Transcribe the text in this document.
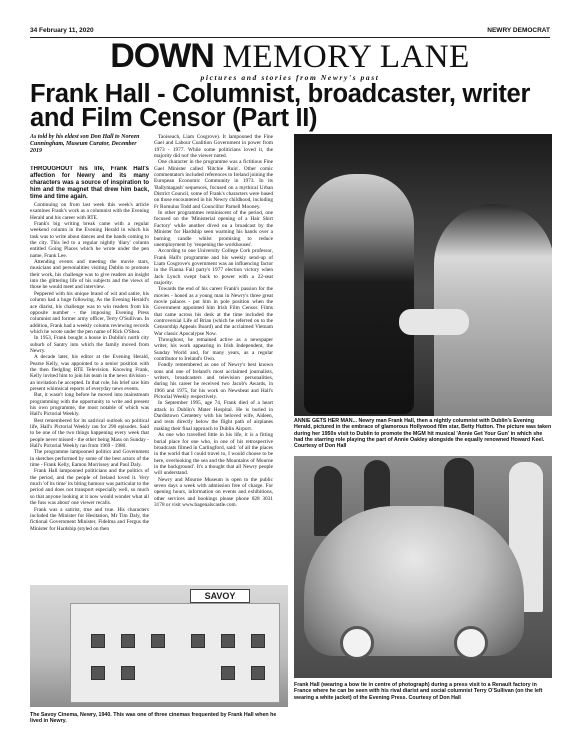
34 February 11, 2020	NEWRY DEMOCRAT
DOWN MEMORY LANE
pictures and stories from Newry's past
Frank Hall - Columnist, broadcaster, writer and Film Censor (Part II)
As told by his eldest son Don Hall to Noreen Cunningham, Museum Curator, December 2019

THROUGHOUT his life, Frank Hall's affection for Newry and its many characters was a source of inspiration to him and the magnet that drew him back, time and time again.

Continuing on from last week this week's article examines Frank's work as a columnist with the Evening Herald and his career with RTE.

Frank's big writing break came with a regular weekend column in the Evening Herald in which his task was to write about dances and the bands coming to the city. This led to a regular nightly 'diary' column entitled Going Places which he wrote under the pen name, Frank Lee.

Attending events and meeting the movie stars, musicians and personalities visiting Dublin to promote their work, his challenge was to give readers an insight into the glittering life of his subjects and the views of those he would meet and interview.

Peppered with his unique brand of wit and satire, his column had a huge following. As the Evening Herald's ace diarist, his challenge was to win readers from his opposite number - the imposing Evening Press columnist and former army officer, Terry O'Sullivan. In addition, Frank had a weekly column reviewing records which he wrote under the pen name of Rick O'Shea.

In 1953, Frank bought a house in Dublin's north city suburb of Santry into which the family moved from Newry.

A decade later, his editor at the Evening Herald, Pearse Kelly, was appointed to a senior position with the then fledgling RTE Television. Knowing Frank, Kelly invited him to join his team in the news division - an invitation he accepted. In that role, his brief saw him present whimsical reports of everyday news events.

But, it wasn't long before he moved into mainstream programming with the opportunity to write and present his own programme, the most notable of which was Hall's Pictorial Weekly.

Best remembered for its satirical outlook on political life, Hall's Pictorial Weekly ran for 290 episodes. Said to be one of the two things happening every week that people never missed - the other being Mass on Sunday - Hall's Pictorial Weekly ran from 1969 - 1980.

The programme lampooned politics and Government in sketches performed by some of the best actors of the time - Frank Kelly, Eamon Morrissey and Paul Daly.

Frank Hall lampooned politicians and the politics of the period, and the people of Ireland loved it. Very much 'of its time' its biting humour was particular to the period and does not transport especially well, so much so that anyone looking at it now would wonder what all the fuss was about' one viewer recalls.

Frank was a satirist, true and true. His characters included the Minister for Hesitation, Mr Tim Daly, the fictional Government Minister, Fidelma and Fergus the Minister for Hardship (styled on then

Taoiseach, Liam Cosgrove). It lampooned the Fine Gael and Labour Coalition Government in power from 1973 - 1977. While some politicians loved it, the majority did not' the viewer noted.

One character in the programme was a fictitious Fine Gael Minister called 'Ritchie Ruin'. Other comic commentators included references to Ireland joining the European Economic Community in 1973. In its 'Ballymagash' sequences, focused on a mythical Urban District Council, some of Frank's characters were based on those encountered in his Newry childhood, including Fr Romulus Todd and Councillor Parnell Mooney.

In other programmes reminiscent of the period, one focused on the 'Ministerial opening of a Hair Shirt Factory' while another dived on a broadcast by the Minister for Hardship seen warming his hands over a burning candle whilst promising to reduce unemployment by 'reopening the workhouses'.

According to one University College Cork professor, Frank Hall's programme and his weekly send-up of Liam Cosgrove's government was an influencing factor in the Fianna Fail party's 1977 election victory when Jack Lynch swept back to power with a 22-seat majority.

Towards the end of his career Frank's passion for the movies - honed as a young man in Newry's three great movie palaces - put him in pole position when the Government appointed him Irish Film Censor. Films that came across his desk at the time included the controversial Life of Brian (which he referred on to the Censorship Appeals Board) and the acclaimed Vietnam War classic Apocalypse Now.

Throughout, he remained active as a newspaper writer, his work appearing in Irish Independent, the Sunday World and, for many years, as a regular contributor to Ireland's Own.

Fondly remembered as one of Newry's best known sons and one of Ireland's most acclaimed journalists, writers, broadcasters and television personalities, during his career he received two Jacob's Awards, in 1966 and 1975, for his work on Newsbeat and Hall's Pictorial Weekly respectively.

In September 1995, age 74, Frank died of a heart attack in Dublin's Mater Hospital. He is buried in Dardistown Cemetery with his beloved wife, Aideen, and rests directly below the flight path of airplanes making their final approach to Dublin Airport.

As one who travelled little in his life, it is a fitting burial place for one who, in one of his retrospective broadcasts filmed in Carlingford, said: 'of all the places in the world that I could travel to, I would choose to be here, overlooking the sea and the Mountains of Mourne in the background'. It's a thought that all Newry people will understand.

Newry and Mourne Museum is open to the public seven days a week with admission free of charge. For opening hours, information on events and exhibitions, other services and bookings please phone 028 3031 3178 or visit www.bagenalscastle.com.

ANNIE GETS HER MAN... Newry man Frank Hall, then a nightly columnist with Dublin's Evening Herald, pictured in the embrace of glamorous Hollywood film star, Betty Hutton. The picture was taken during her 1950s visit to Dublin to promote the MGM hit musical 'Annie Get Your Gun' in which she had the starring role playing the part of Annie Oakley alongside the equally renowned Howard Keel. Courtesy of Don Hall
Frank Hall (wearing a bow tie in centre of photograph) during a press visit to a Renault factory in France where he can be seen with his rival diarist and social columnist Terry O'Sullivan (on the left wearing a white jacket) of the Evening Press. Courtesy of Don Hall
SAVOY
The Savoy Cinema, Newry, 1940. This was one of three cinemas frequented by Frank Hall when he lived in Newry.
